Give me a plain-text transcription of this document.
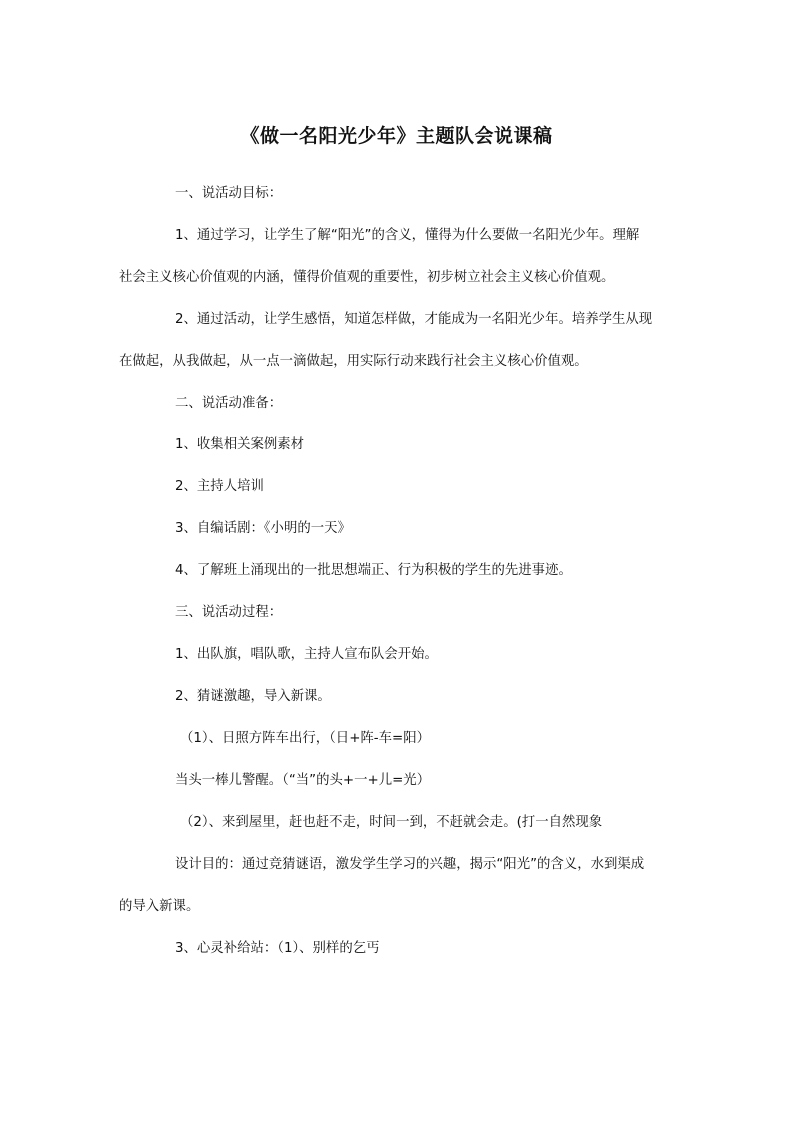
《做一名阳光少年》主题队会说课稿
一、说活动目标：
1、通过学习，让学生了解“阳光”的含义，懂得为什么要做一名阳光少年。理解
社会主义核心价值观的内涵，懂得价值观的重要性，初步树立社会主义核心价值观。
2、通过活动，让学生感悟，知道怎样做，才能成为一名阳光少年。培养学生从现
在做起，从我做起，从一点一滴做起，用实际行动来践行社会主义核心价值观。
二、说活动准备：
1、收集相关案例素材
2、主持人培训
3、自编话剧：《小明的一天》
4、了解班上涌现出的一批思想端正、行为积极的学生的先进事迹。
三、说活动过程：
1、出队旗，唱队歌，主持人宣布队会开始。
2、猜谜激趣，导入新课。
（1）、日照方阵车出行，（日+阵-车=阳）
当头一棒儿警醒。（“当”的头+一+儿=光）
（2）、来到屋里，赶也赶不走，时间一到，不赶就会走。(打一自然现象
设计目的：通过竞猜谜语，激发学生学习的兴趣，揭示“阳光”的含义，水到渠成
的导入新课。
3、心灵补给站：（1）、别样的乞丐
